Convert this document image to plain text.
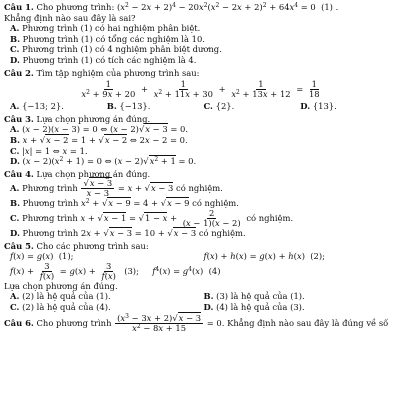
Câu 1. Cho phương trình: $(x^2 - 2x + 2)^4 - 20x^2(x^2 - 2x + 2)^2 + 64x^4 = 0$  (1) .
Khẳng định nào sau đây là sai?
A. Phương trình (1) có hai nghiệm phân biệt.
B. Phương trình (1) có tổng các nghiệm là 10.
C. Phương trình (1) có 4 nghiệm phân biệt dương.
D. Phương trình (1) có tích các nghiệm là 4.
Câu 2. Tìm tập nghiệm của phương trình sau:
$\frac{1}{x^2 + 9x + 20} + \frac{1}{x^2 + 11x + 30} + \frac{1}{x^2 + 13x + 12} = \frac{1}{18}$
A. {−13; 2}.	B. {−13}.	C. {2}.	D. {13}.
Câu 3. Lựa chọn phương án đúng.
A. (x − 2)(x − 3) = 0 ⇔ (x − 2)√x − 3 = 0.
B. x + √x − 2 = 1 + √x − 2 ⇔ 2x − 2 = 0.
C. |x| = 1 ⇔ x = 1.
D. $(x - 2)(x^2 + 1) = 0$ ⇔ $(x - 2)√x^2 + 1 = 0$.
Câu 4. Lựa chọn phương án đúng.
A. Phương trình $\frac{√x - 3}{x - 3} = x + √x - 3$ có nghiệm.
B. Phương trình $x^2 + √x - 9 = 4 + √x - 9$ có nghiệm.
C. Phương trình $x + √x - 1 = √1 - x + \frac{2}{(x - 1)(x - 2)}$ có nghiệm.
D. Phương trình 2x + √x − 3 = 10 + √x − 3 có nghiệm.
Câu 5. Cho các phương trình sau:
f(x) = g(x)  (1);	f(x) + h(x) = g(x) + h(x)  (2);
$f(x) + \frac{3}{f(x)} = g(x) + \frac{3}{f(x)} (3)$;     $f^4(x) = g^4(x)$  (4)
Lựa chọn phương án đúng.
A. (2) là hệ quả của (1).	B. (3) là hệ quả của (1).
C. (2) là hệ quả của (4).	D. (4) là hệ quả của (3).
Câu 6. Cho phương trình $\frac{(x^3 - 3x + 2)√x - 3}{x^2 - 8x + 15} = 0$. Khẳng định nào sau đây là đúng về số
